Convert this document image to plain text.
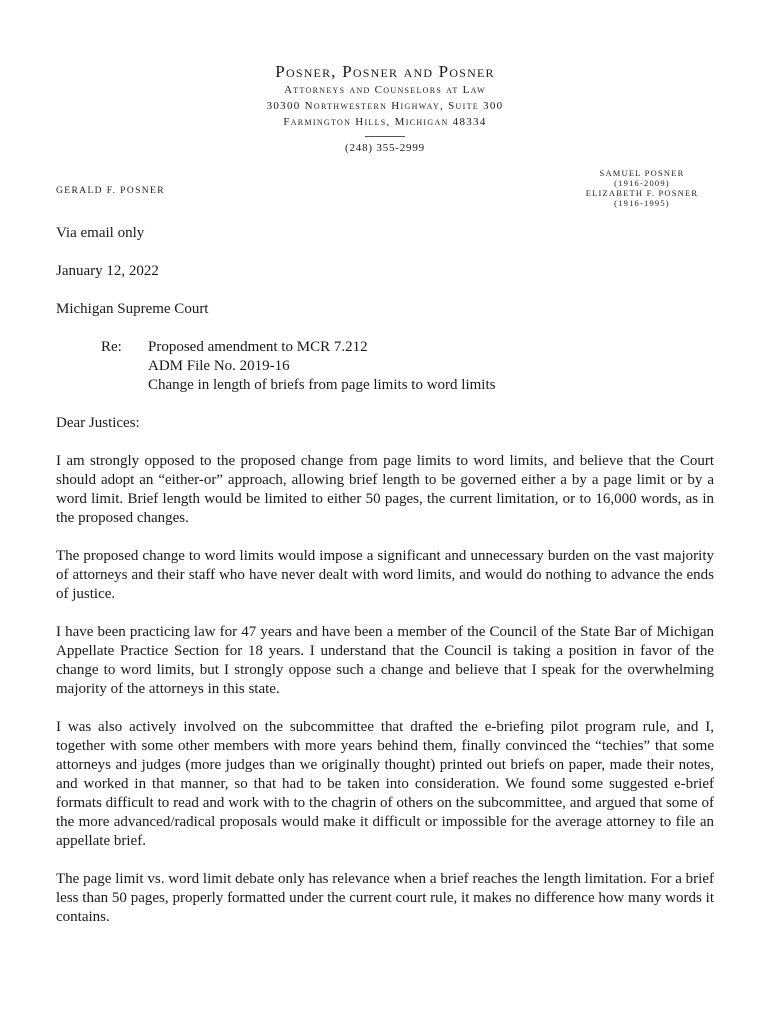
Posner, Posner and Posner

Attorneys and Counselors at Law

30300 Northwestern Highway, Suite 300

Farmington Hills, Michigan 48334

(248) 355-2999

GERALD F. POSNER
SAMUEL POSNER
(1916-2009)
ELIZABETH F. POSNER
(1916-1995)

Via email only

January 12, 2022

Michigan Supreme Court

Re:	Proposed amendment to MCR 7.212
ADM File No. 2019-16
Change in length of briefs from page limits to word limits

Dear Justices:

I am strongly opposed to the proposed change from page limits to word limits, and believe that the Court should adopt an “either-or” approach, allowing brief length to be governed either a by a page limit or by a word limit. Brief length would be limited to either 50 pages, the current limitation, or to 16,000 words, as in the proposed changes.

The proposed change to word limits would impose a significant and unnecessary burden on the vast majority of attorneys and their staff who have never dealt with word limits, and would do nothing to advance the ends of justice.

I have been practicing law for 47 years and have been a member of the Council of the State Bar of Michigan Appellate Practice Section for 18 years. I understand that the Council is taking a position in favor of the change to word limits, but I strongly oppose such a change and believe that I speak for the overwhelming majority of the attorneys in this state.

I was also actively involved on the subcommittee that drafted the e-briefing pilot program rule, and I, together with some other members with more years behind them, finally convinced the “techies” that some attorneys and judges (more judges than we originally thought) printed out briefs on paper, made their notes, and worked in that manner, so that had to be taken into consideration. We found some suggested e-brief formats difficult to read and work with to the chagrin of others on the subcommittee, and argued that some of the more advanced/radical proposals would make it difficult or impossible for the average attorney to file an appellate brief.

The page limit vs. word limit debate only has relevance when a brief reaches the length limitation. For a brief less than 50 pages, properly formatted under the current court rule, it makes no difference how many words it contains.
